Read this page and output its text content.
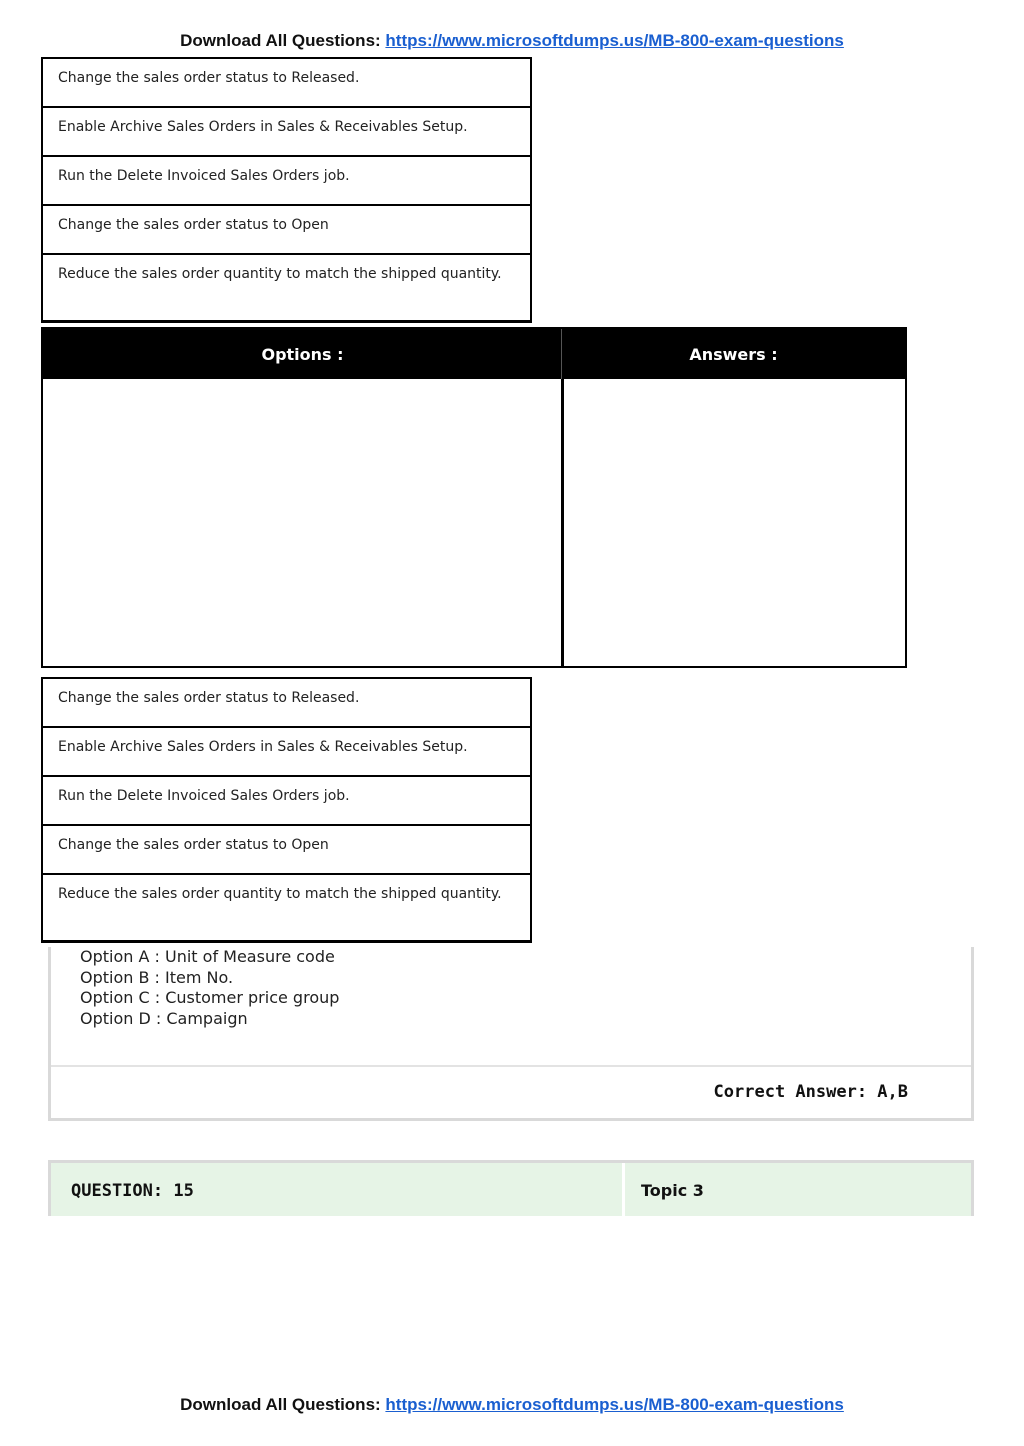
Download All Questions: https://www.microsoftdumps.us/MB-800-exam-questions
Change the sales order status to Released.
Enable Archive Sales Orders in Sales & Receivables Setup.
Run the Delete Invoiced Sales Orders job.
Change the sales order status to Open
Reduce the sales order quantity to match the shipped quantity.
Options :	Answers :
Change the sales order status to Released.
Enable Archive Sales Orders in Sales & Receivables Setup.
Run the Delete Invoiced Sales Orders job.
Change the sales order status to Open
Reduce the sales order quantity to match the shipped quantity.
Option A : Unit of Measure code
Option B : Item No.
Option C : Customer price group
Option D : Campaign
Correct Answer: A,B
QUESTION: 15	Topic 3
Download All Questions: https://www.microsoftdumps.us/MB-800-exam-questions
